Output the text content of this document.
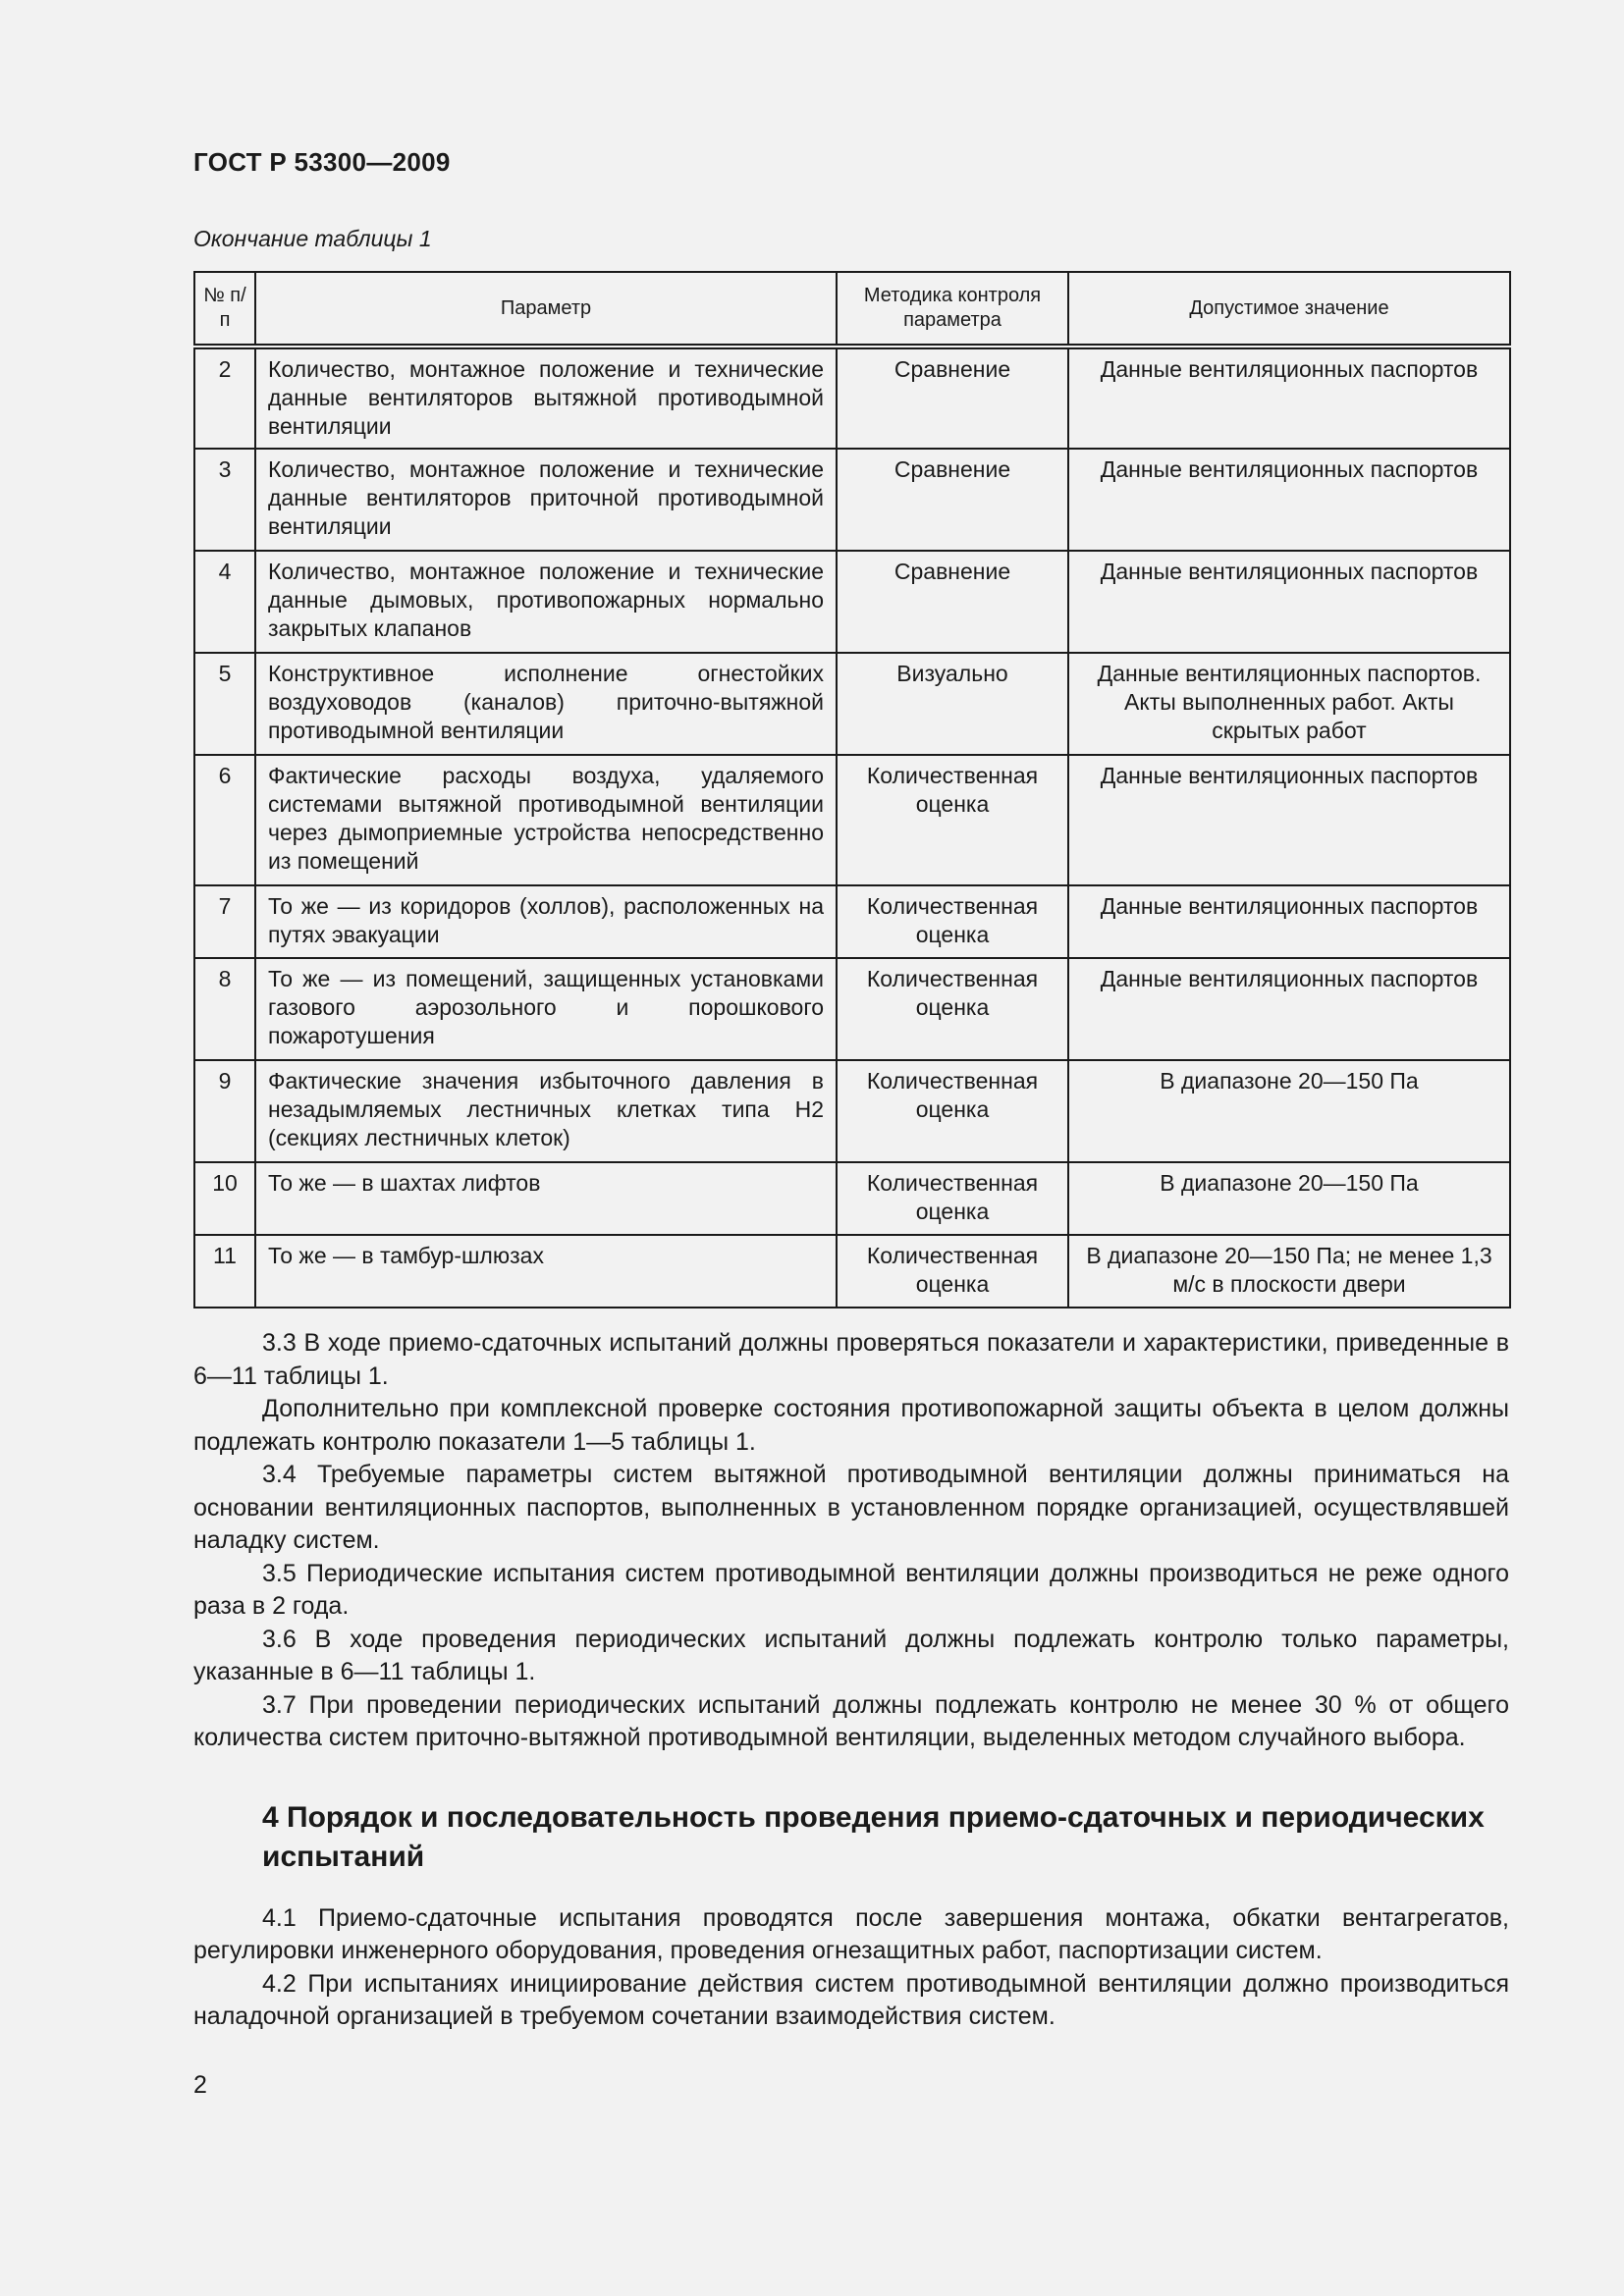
ГОСТ Р 53300—2009
Окончание таблицы 1
№ п/п	Параметр	Методика контроля параметра	Допустимое значение
2	Количество, монтажное положение и технические данные вентиляторов вытяжной противодымной вентиляции	Сравнение	Данные вентиляционных паспортов
3	Количество, монтажное положение и технические данные вентиляторов приточной противодымной вентиляции	Сравнение	Данные вентиляционных паспортов
4	Количество, монтажное положение и технические данные дымовых, противопожарных нормально закрытых клапанов	Сравнение	Данные вентиляционных паспортов
5	Конструктивное исполнение огнестойких воздуховодов (каналов) приточно-вытяжной противодымной вентиляции	Визуально	Данные вентиляционных паспортов. Акты выполненных работ. Акты скрытых работ
6	Фактические расходы воздуха, удаляемого системами вытяжной противодымной вентиляции через дымоприемные устройства непосредственно из помещений	Количественная оценка	Данные вентиляционных паспортов
7	То же — из коридоров (холлов), расположенных на путях эвакуации	Количественная оценка	Данные вентиляционных паспортов
8	То же — из помещений, защищенных установками газового аэрозольного и порошкового пожаротушения	Количественная оценка	Данные вентиляционных паспортов
9	Фактические значения избыточного давления в незадымляемых лестничных клетках типа Н2 (секциях лестничных клеток)	Количественная оценка	В диапазоне 20—150 Па
10	То же — в шахтах лифтов	Количественная оценка	В диапазоне 20—150 Па
11	То же — в тамбур-шлюзах	Количественная оценка	В диапазоне 20—150 Па; не менее 1,3 м/с в плоскости двери

3.3 В ходе приемо-сдаточных испытаний должны проверяться показатели и характеристики, приведенные в 6—11 таблицы 1.

Дополнительно при комплексной проверке состояния противопожарной защиты объекта в целом должны подлежать контролю показатели 1—5 таблицы 1.

3.4 Требуемые параметры систем вытяжной противодымной вентиляции должны приниматься на основании вентиляционных паспортов, выполненных в установленном порядке организацией, осуществлявшей наладку систем.

3.5 Периодические испытания систем противодымной вентиляции должны производиться не реже одного раза в 2 года.

3.6 В ходе проведения периодических испытаний должны подлежать контролю только параметры, указанные в 6—11 таблицы 1.

3.7 При проведении периодических испытаний должны подлежать контролю не менее 30 % от общего количества систем приточно-вытяжной противодымной вентиляции, выделенных методом случайного выбора.

4 Порядок и последовательность проведения приемо-сдаточных и периодических испытаний

4.1 Приемо-сдаточные испытания проводятся после завершения монтажа, обкатки вентагрегатов, регулировки инженерного оборудования, проведения огнезащитных работ, паспортизации систем.

4.2 При испытаниях инициирование действия систем противодымной вентиляции должно производиться наладочной организацией в требуемом сочетании взаимодействия систем.

2
